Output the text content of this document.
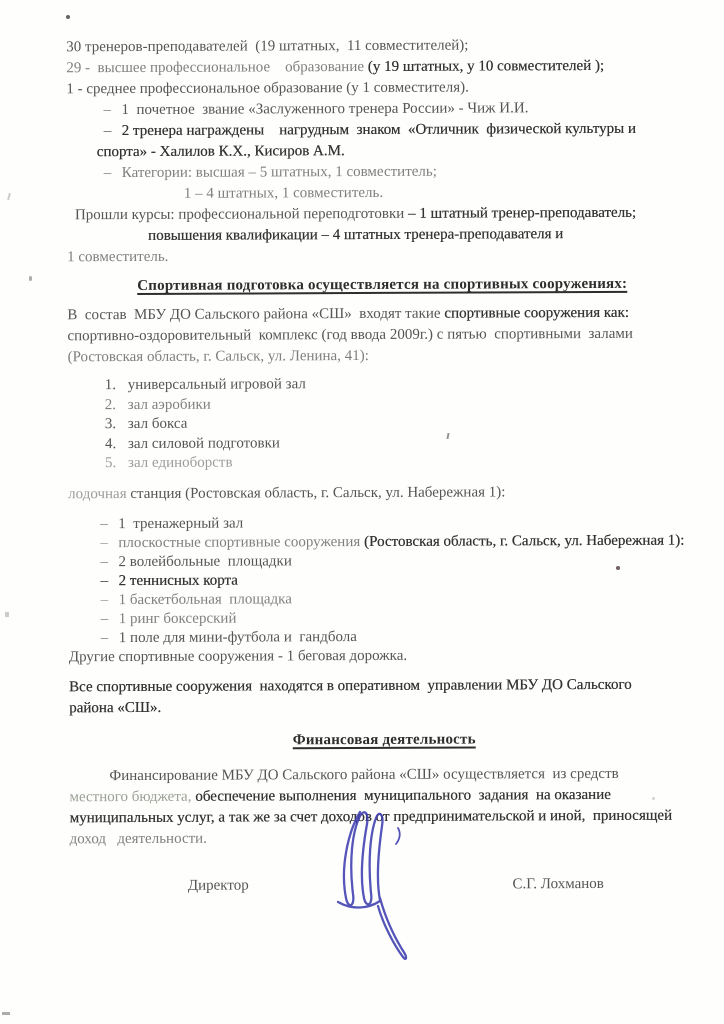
30 тренеров-преподавателей  (19 штатных,  11 совместителей);
29 -  высшее профессиональное    образование (у 19 штатных, у 10 совместителей );
1 - среднее профессиональное образование (у 1 совместителя).
– 1  почетное  звание «Заслуженного тренера России» - Чиж И.И.
– 2 тренера награждены    нагрудным  знаком  «Отличник  физической культуры и
спорта» - Халилов К.Х., Кисиров А.М.
– Категории: высшая – 5 штатных, 1 совместитель;
1 – 4 штатных, 1 совместитель.
Прошли курсы: профессиональной переподготовки – 1 штатный тренер-преподаватель;
повышения квалификации – 4 штатных тренера-преподавателя и
1 совместитель.
Спортивная подготовка осуществляется на спортивных сооружениях:
В  состав  МБУ ДО Сальского района «СШ»  входят такие спортивные сооружения как:
спортивно-оздоровительный  комплекс (год ввода 2009г.) с пятью  спортивными  залами
(Ростовская область, г. Сальск, ул. Ленина, 41):
1. универсальный игровой зал
2. зал аэробики
3. зал бокса
4. зал силовой подготовки
5. зал единоборств
лодочная станция (Ростовская область, г. Сальск, ул. Набережная 1):
– 1  тренажерный зал
– плоскостные спортивные сооружения (Ростовская область, г. Сальск, ул. Набережная 1):
– 2 волейбольные  площадки
– 2 теннисных корта
– 1 баскетбольная  площадка
– 1 ринг боксерский
– 1 поле для мини-футбола и  гандбола
Другие спортивные сооружения - 1 беговая дорожка.
Все спортивные сооружения  находятся в оперативном  управлении МБУ ДО Сальского
района «СШ».
Финансовая деятельность
Финансирование МБУ ДО Сальского района «СШ» осуществляется  из средств
местного бюджета, обеспечение выполнения  муниципального  задания  на оказание
муниципальных услуг, а так же за счет доходов от предпринимательской и иной,  приносящей
доход   деятельности.
Директор	С.Г. Лохманов
